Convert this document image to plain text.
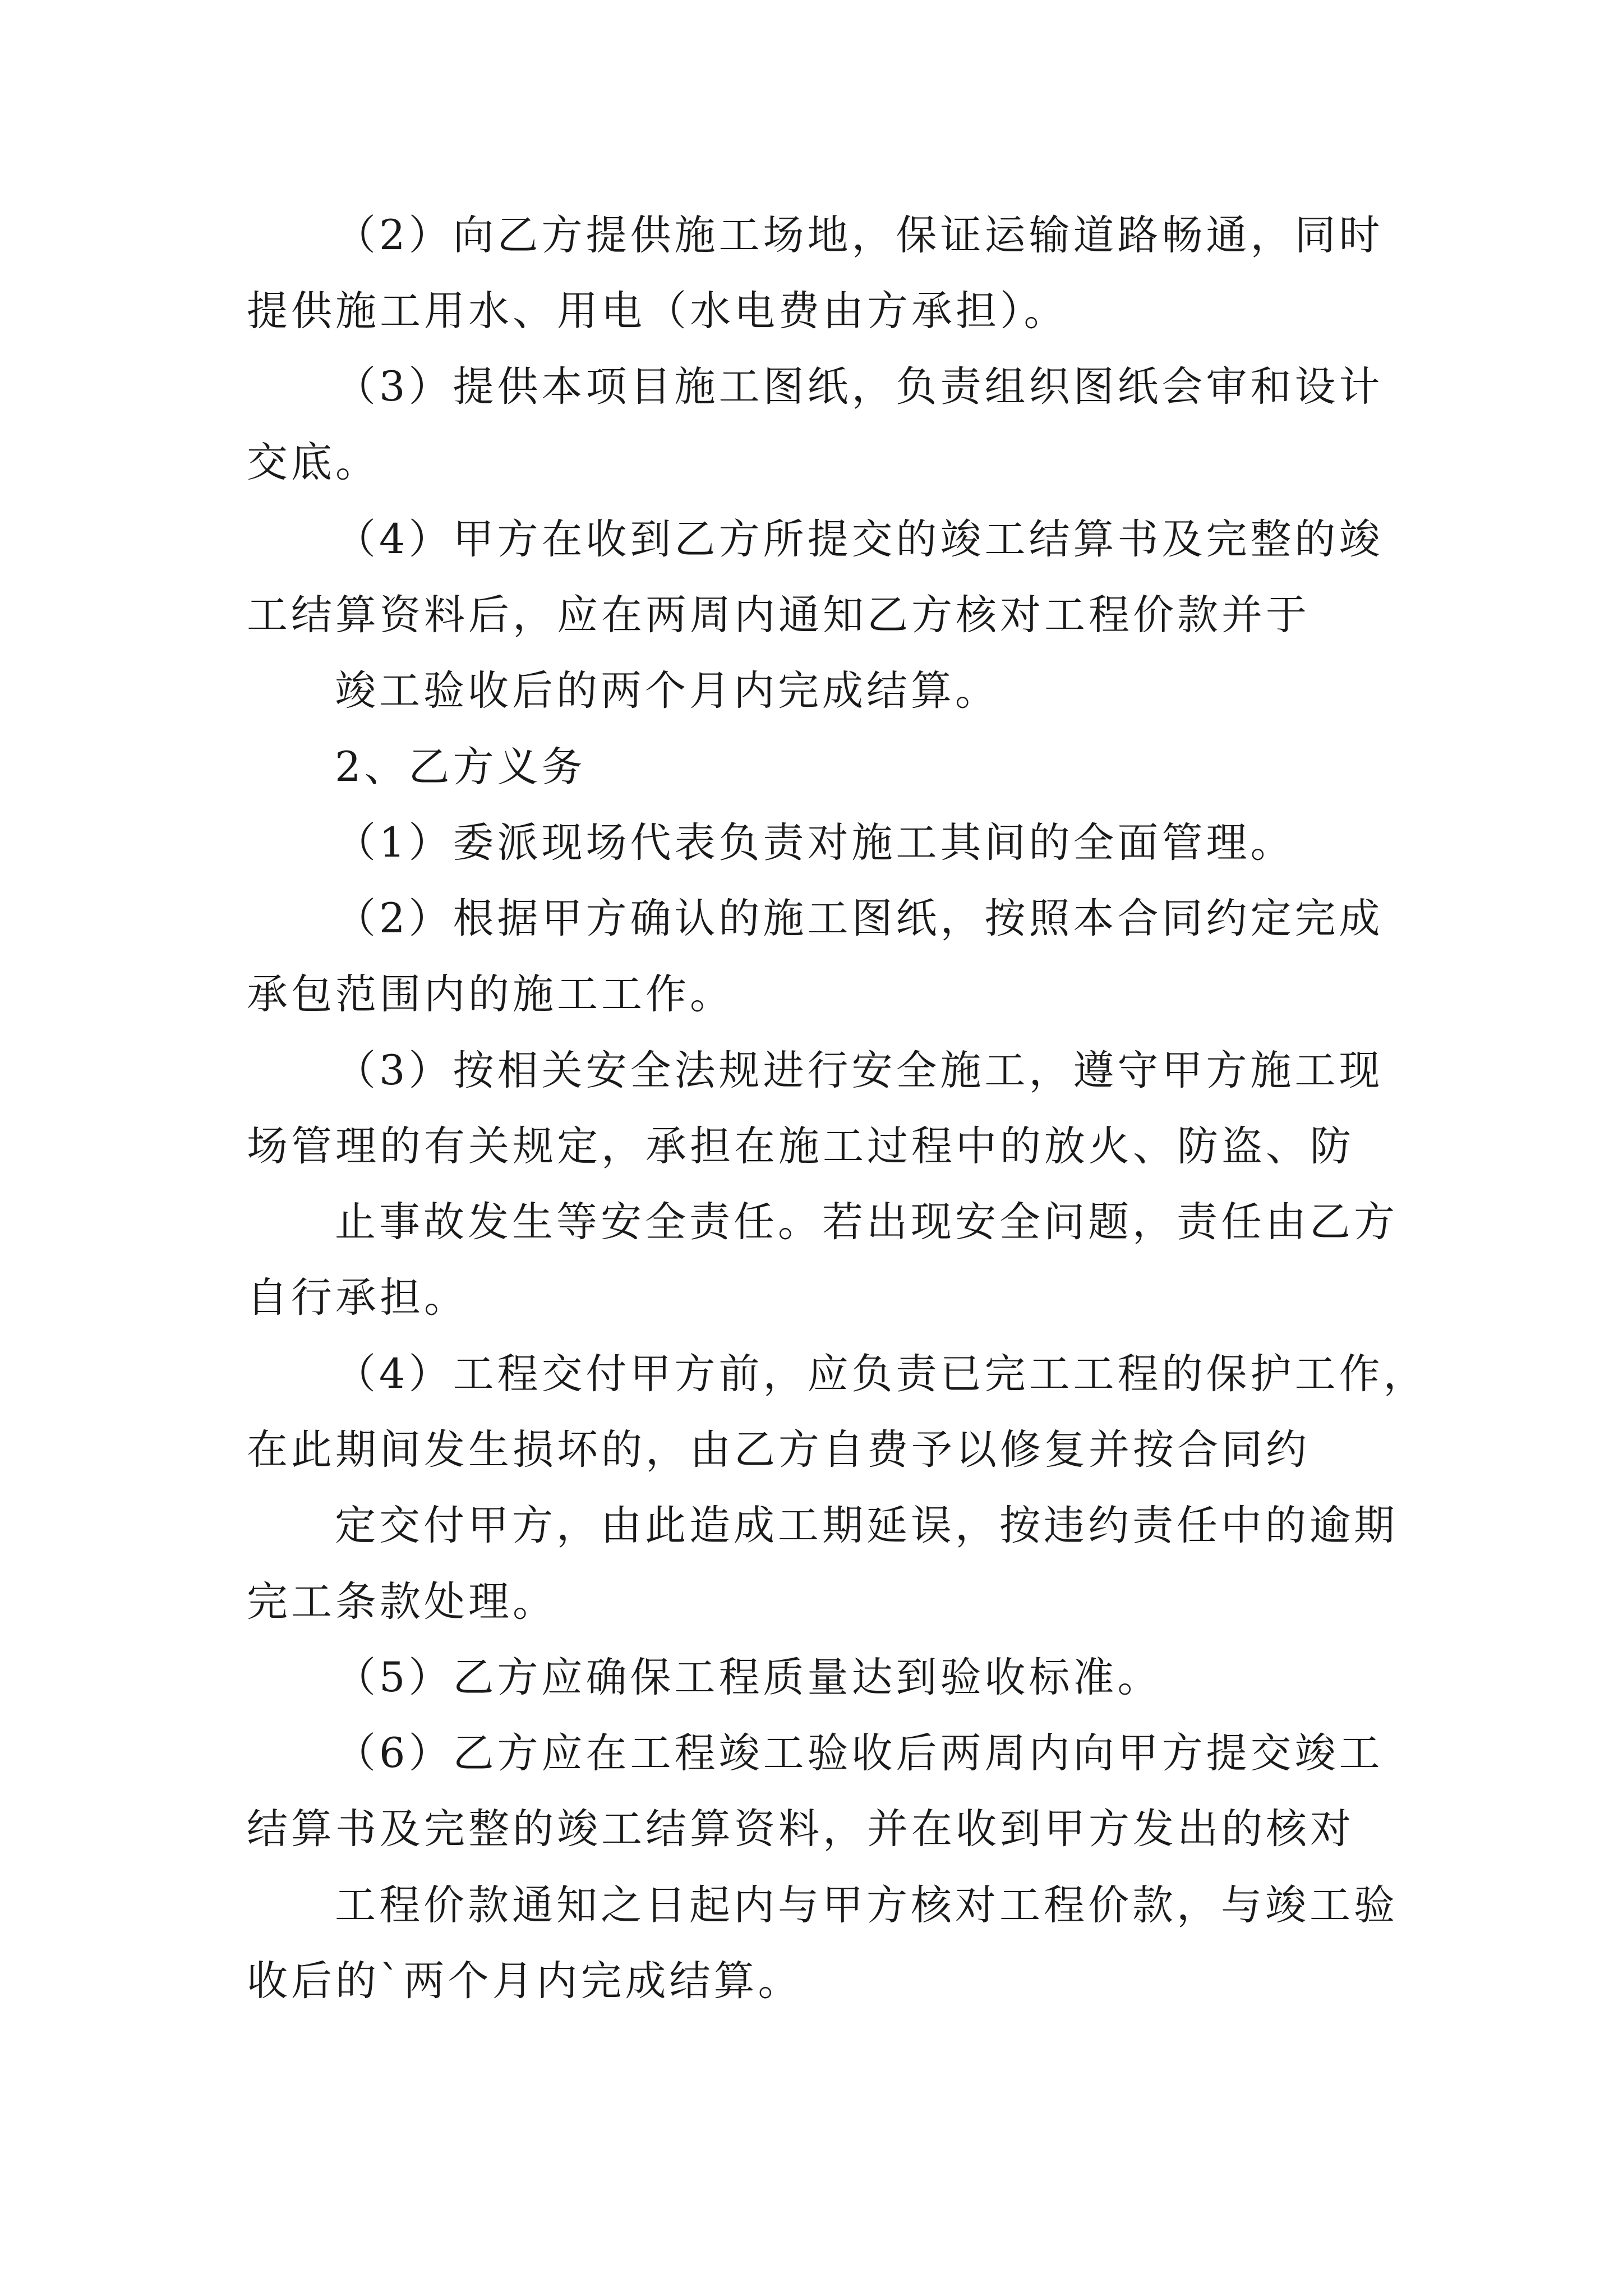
（2）向乙方提供施工场地，保证运输道路畅通，同时
提供施工用水、用电（水电费由方承担）。
（3）提供本项目施工图纸，负责组织图纸会审和设计
交底。
（4）甲方在收到乙方所提交的竣工结算书及完整的竣
工结算资料后，应在两周内通知乙方核对工程价款并于
竣工验收后的两个月内完成结算。
2、乙方义务
（1）委派现场代表负责对施工其间的全面管理。
（2）根据甲方确认的施工图纸，按照本合同约定完成
承包范围内的施工工作。
（3）按相关安全法规进行安全施工，遵守甲方施工现
场管理的有关规定，承担在施工过程中的放火、防盗、防
止事故发生等安全责任。若出现安全问题，责任由乙方
自行承担。
（4）工程交付甲方前，应负责已完工工程的保护工作，
在此期间发生损坏的，由乙方自费予以修复并按合同约
定交付甲方，由此造成工期延误，按违约责任中的逾期
完工条款处理。
（5）乙方应确保工程质量达到验收标准。
（6）乙方应在工程竣工验收后两周内向甲方提交竣工
结算书及完整的竣工结算资料，并在收到甲方发出的核对
工程价款通知之日起内与甲方核对工程价款，与竣工验
收后的`两个月内完成结算。
